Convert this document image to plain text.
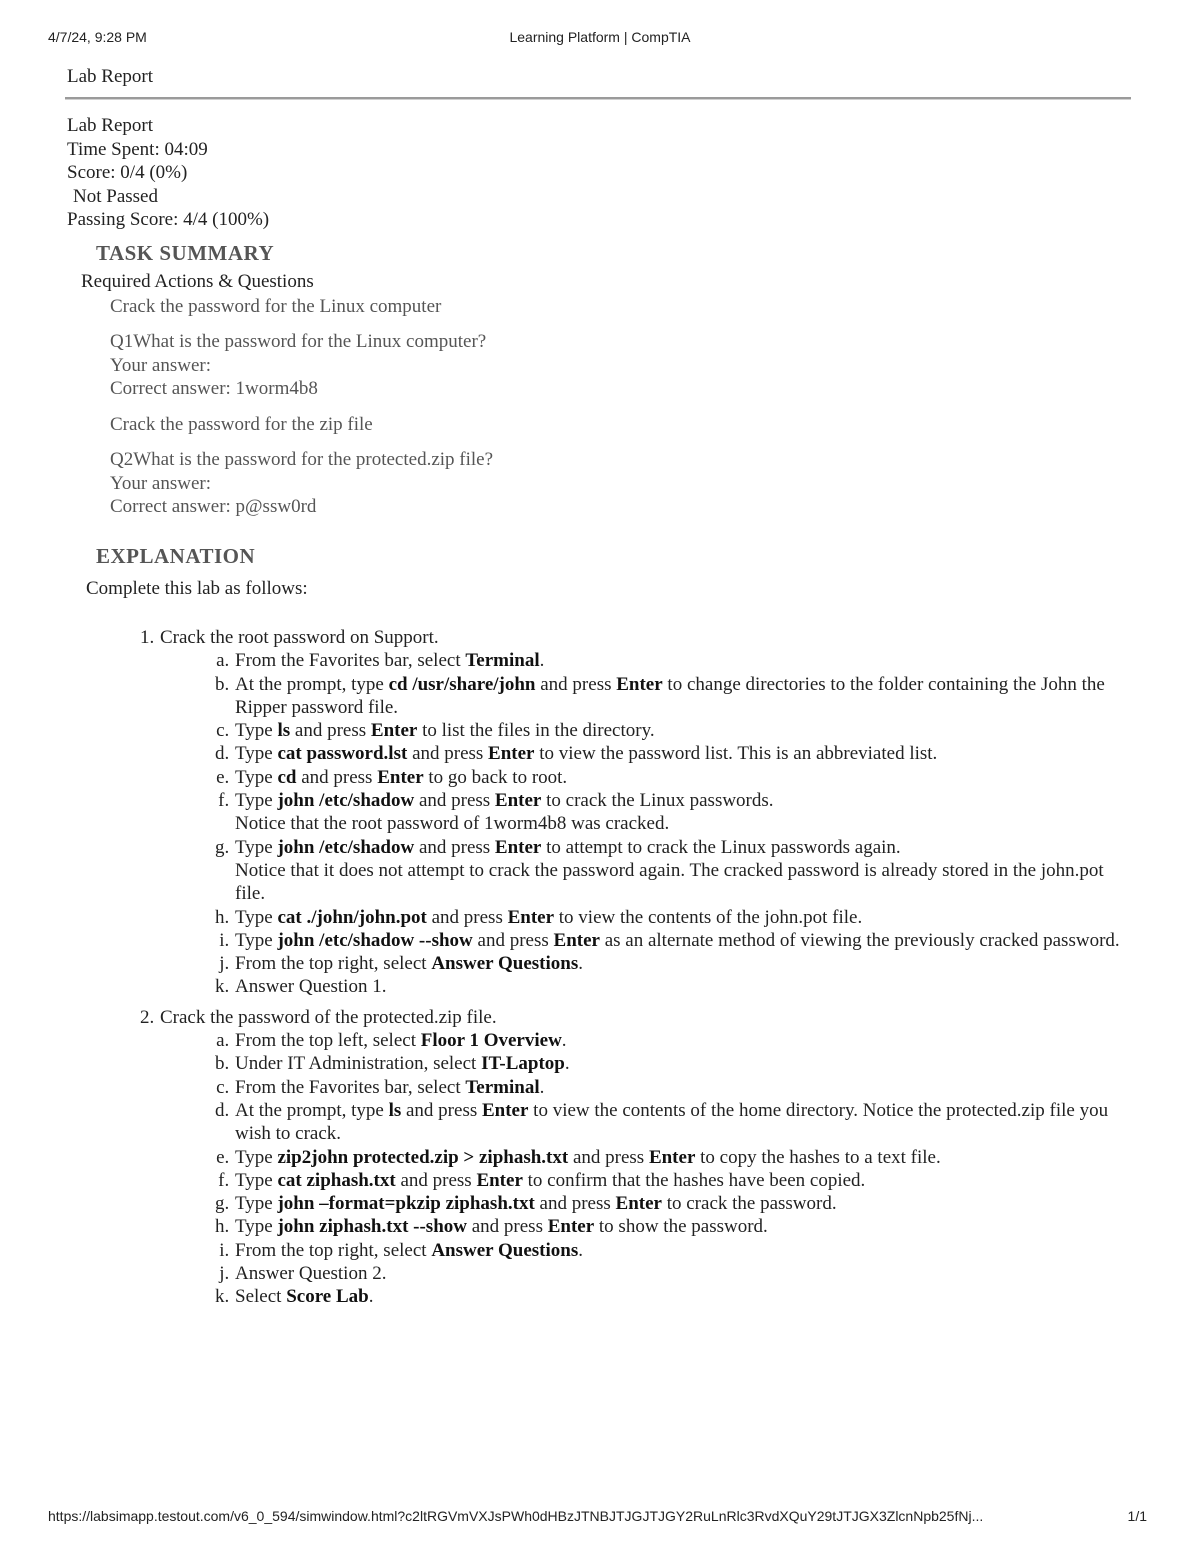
4/7/24, 9:28 PM	Learning Platform | CompTIA
Lab Report
Lab Report
Time Spent: 04:09
Score: 0/4 (0%)
Not Passed
Passing Score: 4/4 (100%)
TASK SUMMARY
Required Actions & Questions
Crack the password for the Linux computer
Q1What is the password for the Linux computer?
Your answer:
Correct answer: 1worm4b8
Crack the password for the zip file
Q2What is the password for the protected.zip file?
Your answer:
Correct answer: p@ssw0rd
EXPLANATION
Complete this lab as follows:
1. Crack the root password on Support.
a. From the Favorites bar, select Terminal.
b. At the prompt, type cd /usr/share/john and press Enter to change directories to the folder containing the John the Ripper password file.
c. Type ls and press Enter to list the files in the directory.
d. Type cat password.lst and press Enter to view the password list. This is an abbreviated list.
e. Type cd and press Enter to go back to root.
f. Type john /etc/shadow and press Enter to crack the Linux passwords.
Notice that the root password of 1worm4b8 was cracked.
g. Type john /etc/shadow and press Enter to attempt to crack the Linux passwords again.
Notice that it does not attempt to crack the password again. The cracked password is already stored in the john.pot file.
h. Type cat ./john/john.pot and press Enter to view the contents of the john.pot file.
i. Type john /etc/shadow --show and press Enter as an alternate method of viewing the previously cracked password.
j. From the top right, select Answer Questions.
k. Answer Question 1.
2. Crack the password of the protected.zip file.
a. From the top left, select Floor 1 Overview.
b. Under IT Administration, select IT-Laptop.
c. From the Favorites bar, select Terminal.
d. At the prompt, type ls and press Enter to view the contents of the home directory. Notice the protected.zip file you wish to crack.
e. Type zip2john protected.zip > ziphash.txt and press Enter to copy the hashes to a text file.
f. Type cat ziphash.txt and press Enter to confirm that the hashes have been copied.
g. Type john –format=pkzip ziphash.txt and press Enter to crack the password.
h. Type john ziphash.txt --show and press Enter to show the password.
i. From the top right, select Answer Questions.
j. Answer Question 2.
k. Select Score Lab.
https://labsimapp.testout.com/v6_0_594/simwindow.html?c2ltRGVmVXJsPWh0dHBzJTNBJTJGJTJGY2RuLnRlc3RvdXQuY29tJTJGX3ZlcnNpb25fNj...	1/1
